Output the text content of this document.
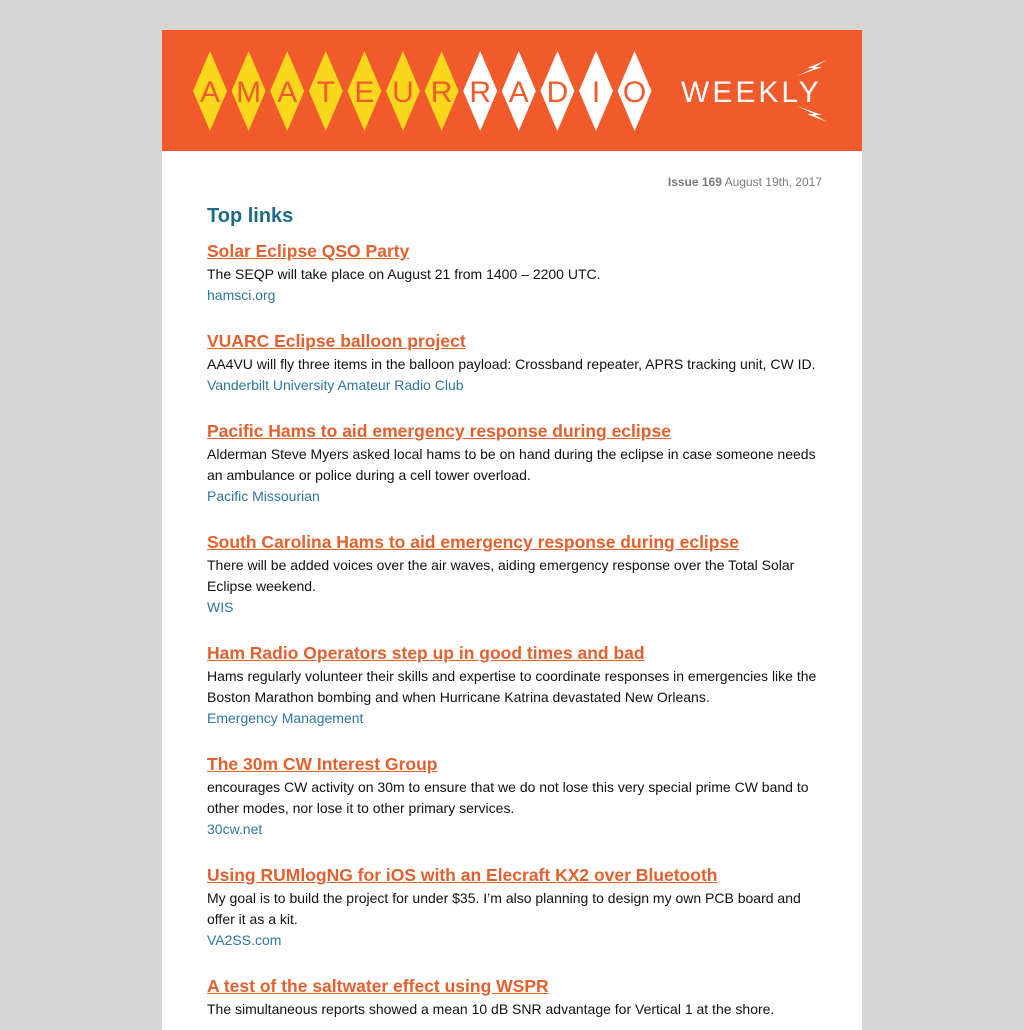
A M A T E U R R A D I O WEEKLY
Issue 169 August 19th, 2017
Top links
Solar Eclipse QSO Party

The SEQP will take place on August 21 from 1400 – 2200 UTC.

hamsci.org
VUARC Eclipse balloon project

AA4VU will fly three items in the balloon payload: Crossband repeater, APRS tracking unit, CW ID.

Vanderbilt University Amateur Radio Club
Pacific Hams to aid emergency response during eclipse

Alderman Steve Myers asked local hams to be on hand during the eclipse in case someone needs an ambulance or police during a cell tower overload.

Pacific Missourian
South Carolina Hams to aid emergency response during eclipse

There will be added voices over the air waves, aiding emergency response over the Total Solar Eclipse weekend.

WIS
Ham Radio Operators step up in good times and bad

Hams regularly volunteer their skills and expertise to coordinate responses in emergencies like the Boston Marathon bombing and when Hurricane Katrina devastated New Orleans.

Emergency Management
The 30m CW Interest Group

encourages CW activity on 30m to ensure that we do not lose this very special prime CW band to other modes, nor lose it to other primary services.

30cw.net
Using RUMlogNG for iOS with an Elecraft KX2 over Bluetooth

My goal is to build the project for under $35. I’m also planning to design my own PCB board and offer it as a kit.

VA2SS.com
A test of the saltwater effect using WSPR

The simultaneous reports showed a mean 10 dB SNR advantage for Vertical 1 at the shore.
